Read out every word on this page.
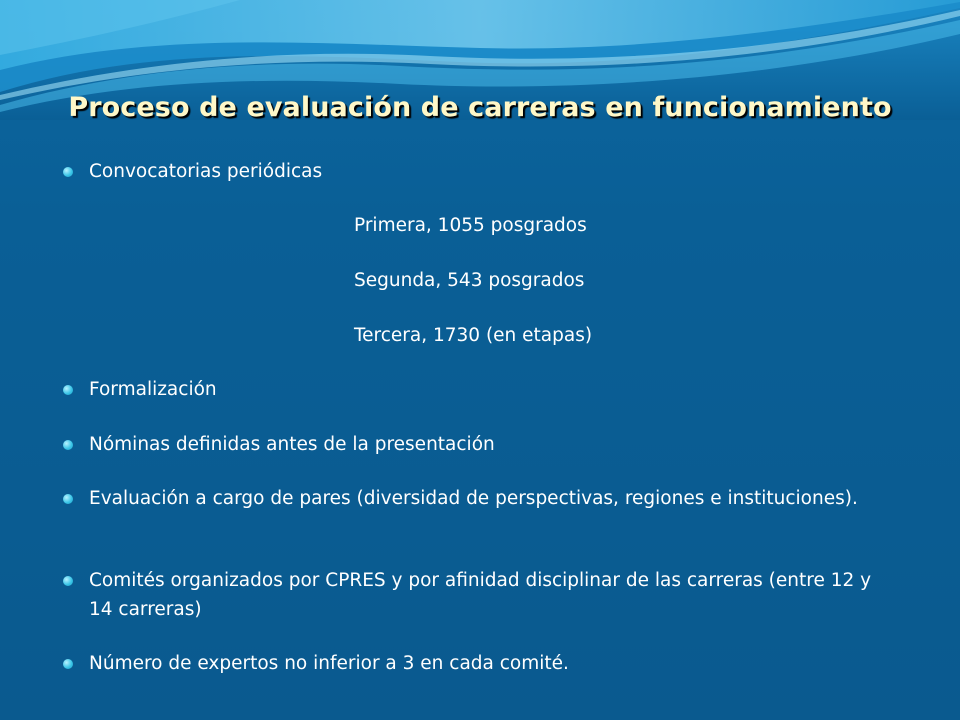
Proceso de evaluación de carreras en funcionamiento
Convocatorias periódicas
Primera, 1055 posgrados
Segunda, 543 posgrados
Tercera, 1730 (en etapas)
Formalización
Nóminas definidas antes de la presentación
Evaluación a cargo de pares (diversidad de perspectivas, regiones e instituciones).
Comités organizados por CPRES y por afinidad disciplinar de las carreras (entre 12 y 14 carreras)
Número de expertos no inferior a 3 en cada comité.
